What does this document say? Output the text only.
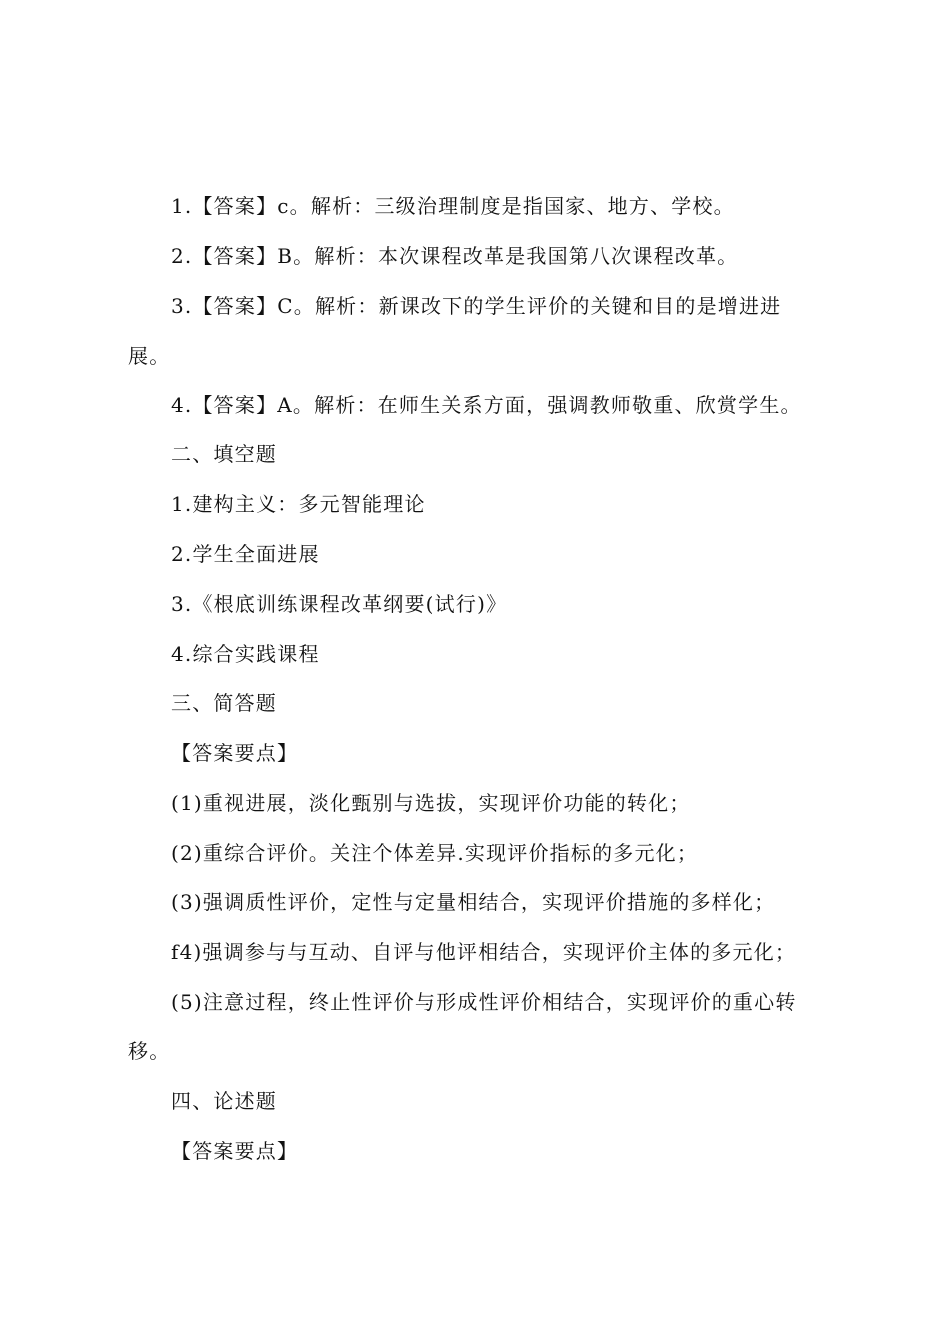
1.【答案】c。解析：三级治理制度是指国家、地方、学校。
2.【答案】B。解析：本次课程改革是我国第八次课程改革。
3.【答案】C。解析：新课改下的学生评价的关键和目的是增进进
展。
4.【答案】A。解析：在师生关系方面，强调教师敬重、欣赏学生。
二、填空题
1.建构主义：多元智能理论
2.学生全面进展
3.《根底训练课程改革纲要(试行)》
4.综合实践课程
三、简答题
【答案要点】
(1)重视进展，淡化甄别与选拔，实现评价功能的转化；
(2)重综合评价。关注个体差异.实现评价指标的多元化；
(3)强调质性评价，定性与定量相结合，实现评价措施的多样化；
f4)强调参与与互动、自评与他评相结合，实现评价主体的多元化；
(5)注意过程，终止性评价与形成性评价相结合，实现评价的重心转
移。
四、论述题
【答案要点】
